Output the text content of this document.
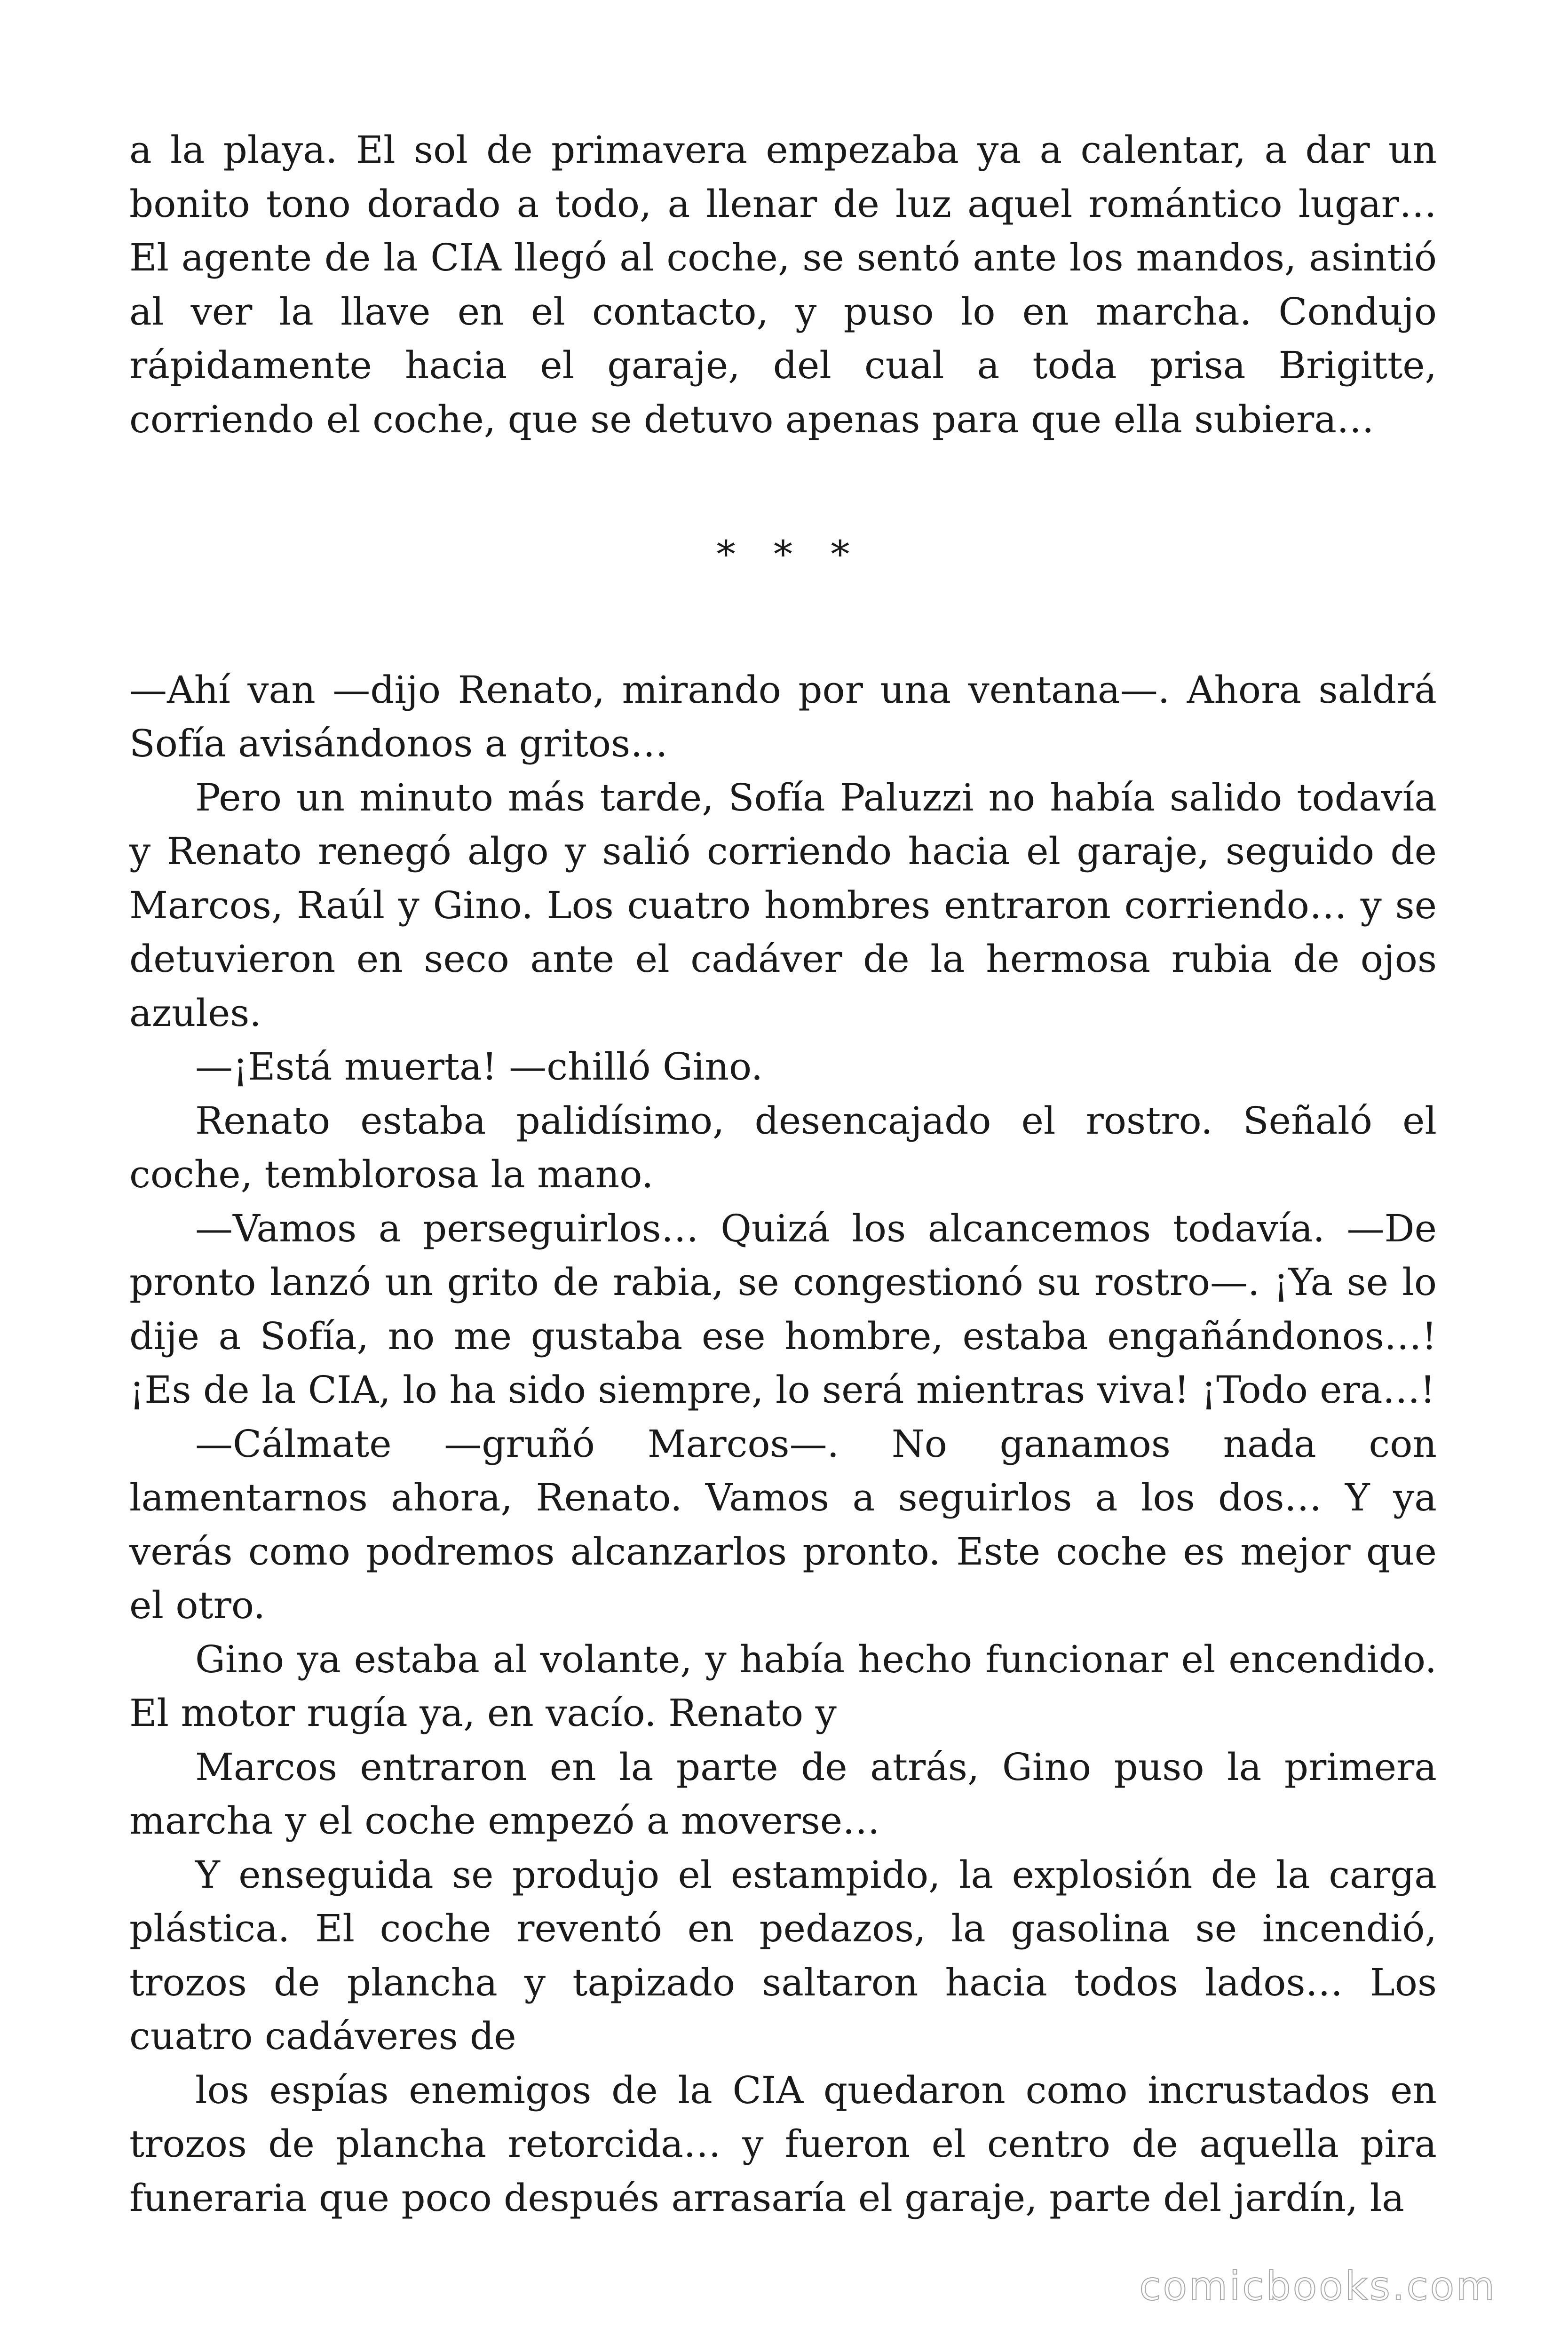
a la playa. El sol de primavera empezaba ya a calentar, a dar un bonito tono dorado a todo, a llenar de luz aquel romántico lugar… El agente de la CIA llegó al coche, se sentó ante los mandos, asintió al ver la llave en el contacto, y puso lo en marcha. Condujo rápidamente hacia el garaje, del cual a toda prisa Brigitte, corriendo el coche, que se detuvo apenas para que ella subiera…

* * *

—Ahí van —dijo Renato, mirando por una ventana—. Ahora saldrá Sofía avisándonos a gritos…

Pero un minuto más tarde, Sofía Paluzzi no había salido todavía y Renato renegó algo y salió corriendo hacia el garaje, seguido de Marcos, Raúl y Gino. Los cuatro hombres entraron corriendo… y se detuvieron en seco ante el cadáver de la hermosa rubia de ojos azules.

—¡Está muerta! —chilló Gino.

Renato estaba palidísimo, desencajado el rostro. Señaló el coche, temblorosa la mano.

—Vamos a perseguirlos… Quizá los alcancemos todavía. —De pronto lanzó un grito de rabia, se congestionó su rostro—. ¡Ya se lo dije a Sofía, no me gustaba ese hombre, estaba engañándonos…! ¡Es de la CIA, lo ha sido siempre, lo será mientras viva! ¡Todo era…!

—Cálmate —gruñó Marcos—. No ganamos nada con lamentarnos ahora, Renato. Vamos a seguirlos a los dos… Y ya verás como podremos alcanzarlos pronto. Este coche es mejor que el otro.

Gino ya estaba al volante, y había hecho funcionar el encendido. El motor rugía ya, en vacío. Renato y

Marcos entraron en la parte de atrás, Gino puso la primera marcha y el coche empezó a moverse…

Y enseguida se produjo el estampido, la explosión de la carga plástica. El coche reventó en pedazos, la gasolina se incendió, trozos de plancha y tapizado saltaron hacia todos lados… Los cuatro cadáveres de

los espías enemigos de la CIA quedaron como incrustados en trozos de plancha retorcida… y fueron el centro de aquella pira funeraria que poco después arrasaría el garaje, parte del jardín, la

comicbooks.com
